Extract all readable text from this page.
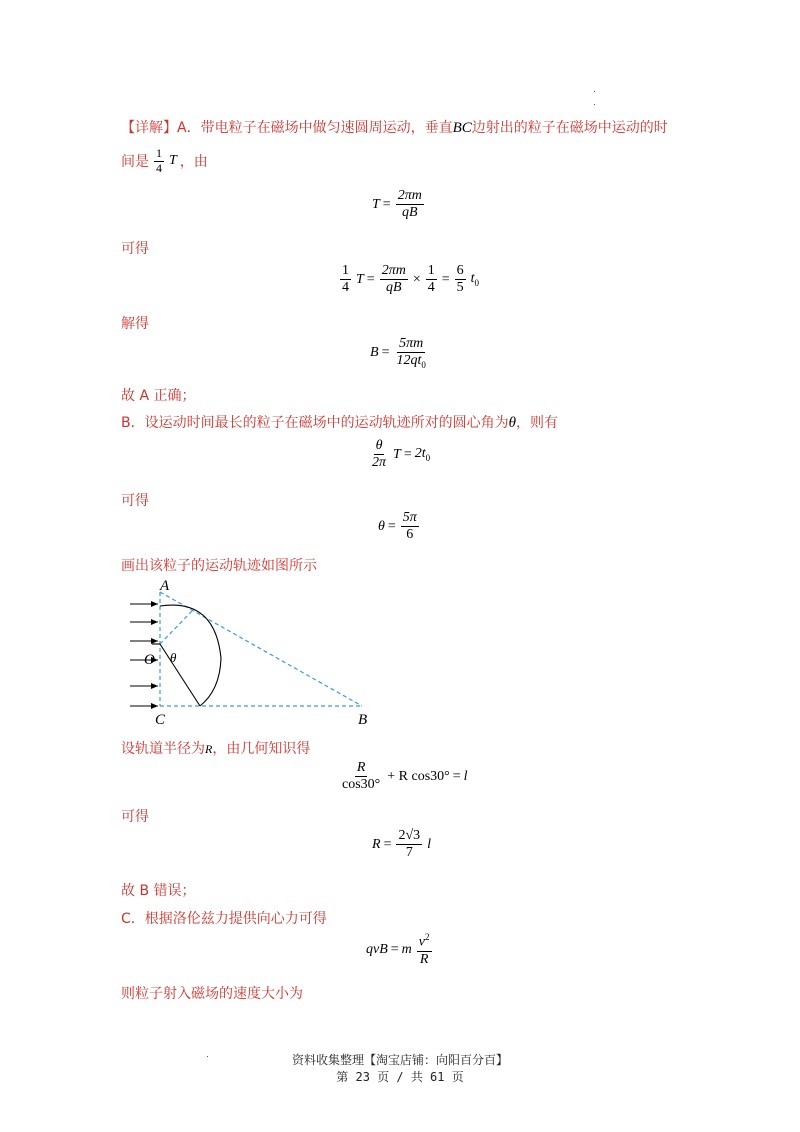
【详解】A．带电粒子在磁场中做匀速圆周运动，垂直BC边射出的粒子在磁场中运动的时
间是 $\frac{1}{4}$ T ，由
$T = \frac{2\pi m}{qB}$
可得
$\frac{1}{4}$ $T = \frac{2\pi m}{qB} \times \frac{1}{4} = \frac{6}{5} t_0$
解得
$B = \frac{5\pi m}{12qt_0}$
故 A 正确；
B．设运动时间最长的粒子在磁场中的运动轨迹所对的圆心角为θ，则有
$\frac{\theta}{2\pi}$ $T = 2t_0$
可得
$\theta = \frac{5\pi}{6}$
画出该粒子的运动轨迹如图所示
A
O θ
C	B
设轨道半径为R，由几何知识得
$\frac{R}{\cos 30^\circ} + R$ cos30° = l
可得
$R = \frac{2√3}{7}$ l
故 B 错误；
C．根据洛伦兹力提供向心力可得
qvB = m $\frac{v^2}{R}$
则粒子射入磁场的速度大小为
资料收集整理【淘宝店铺：向阳百分百】
第 23 页 / 共 61 页
